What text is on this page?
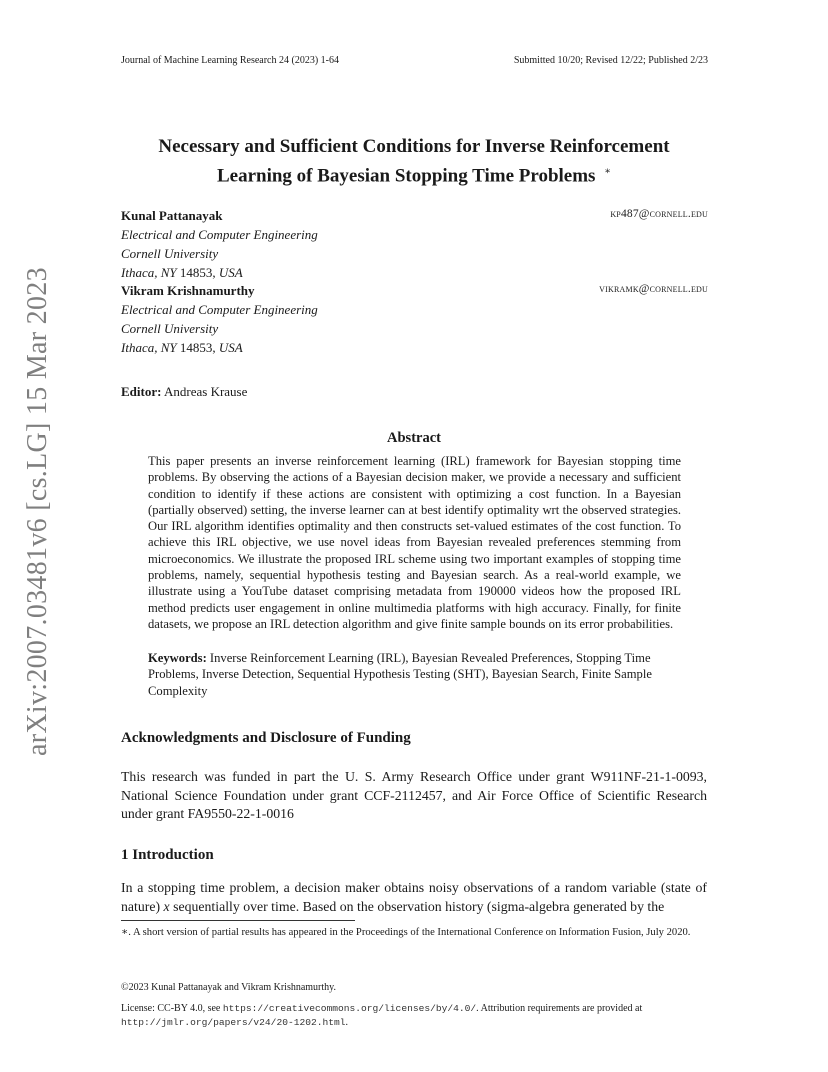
Journal of Machine Learning Research 24 (2023) 1-64	Submitted 10/20; Revised 12/22; Published 2/23
arXiv:2007.03481v6 [cs.LG] 15 Mar 2023
Necessary and Sufficient Conditions for Inverse Reinforcement
Learning of Bayesian Stopping Time Problems ∗
Kunal Pattanayak
Electrical and Computer Engineering
Cornell University
Ithaca, NY 14853, USA
kp487@cornell.edu
Vikram Krishnamurthy
Electrical and Computer Engineering
Cornell University
Ithaca, NY 14853, USA
vikramk@cornell.edu
Editor: Andreas Krause
Abstract

This paper presents an inverse reinforcement learning (IRL) framework for Bayesian stopping time problems. By observing the actions of a Bayesian decision maker, we provide a necessary and sufficient condition to identify if these actions are consistent with optimizing a cost function. In a Bayesian (partially observed) setting, the inverse learner can at best identify optimality wrt the observed strategies. Our IRL algorithm identifies optimality and then constructs set-valued estimates of the cost function. To achieve this IRL objective, we use novel ideas from Bayesian revealed preferences stemming from microeconomics. We illustrate the proposed IRL scheme using two important examples of stopping time problems, namely, sequential hypothesis testing and Bayesian search. As a real-world example, we illustrate using a YouTube dataset comprising metadata from 190000 videos how the proposed IRL method predicts user engagement in online multimedia platforms with high accuracy. Finally, for finite datasets, we propose an IRL detection algorithm and give finite sample bounds on its error probabilities.

Keywords: Inverse Reinforcement Learning (IRL), Bayesian Revealed Preferences, Stopping Time Problems, Inverse Detection, Sequential Hypothesis Testing (SHT), Bayesian Search, Finite Sample Complexity
Acknowledgments and Disclosure of Funding
This research was funded in part the U. S. Army Research Office under grant W911NF-21-1-0093, National Science Foundation under grant CCF-2112457, and Air Force Office of Scientific Research under grant FA9550-22-1-0016
1 Introduction
In a stopping time problem, a decision maker obtains noisy observations of a random variable (state of nature) x sequentially over time. Based on the observation history (sigma-algebra generated by the
∗. A short version of partial results has appeared in the Proceedings of the International Conference on Information Fusion, July 2020.
©2023 Kunal Pattanayak and Vikram Krishnamurthy.
License: CC-BY 4.0, see https://creativecommons.org/licenses/by/4.0/. Attribution requirements are provided at
http://jmlr.org/papers/v24/20-1202.html.
